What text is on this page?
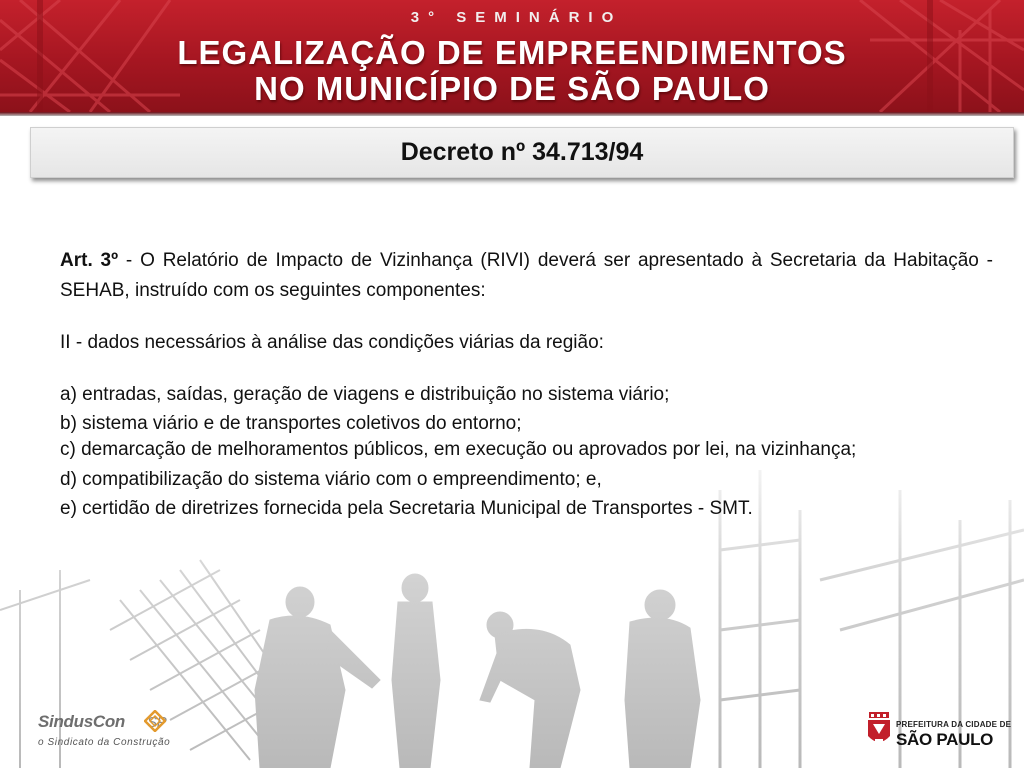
3° SEMINÁRIO
LEGALIZAÇÃO DE EMPREENDIMENTOS
NO MUNICÍPIO DE SÃO PAULO
Decreto nº 34.713/94

Art. 3º - O Relatório de Impacto de Vizinhança (RIVI) deverá ser apresentado à Secretaria da Habitação - SEHAB, instruído com os seguintes componentes:

II - dados necessários à análise das condições viárias da região:

a) entradas, saídas, geração de viagens e distribuição no sistema viário;

b) sistema viário e de transportes coletivos do entorno;

c) demarcação de melhoramentos públicos, em execução ou aprovados por lei, na vizinhança;

d) compatibilização do sistema viário com o empreendimento; e,

e) certidão de diretrizes fornecida pela Secretaria Municipal de Transportes - SMT.

SindusCon SP
o Sindicato da Construção
PREFEITURA DA CIDADE DE
SÃO PAULO
